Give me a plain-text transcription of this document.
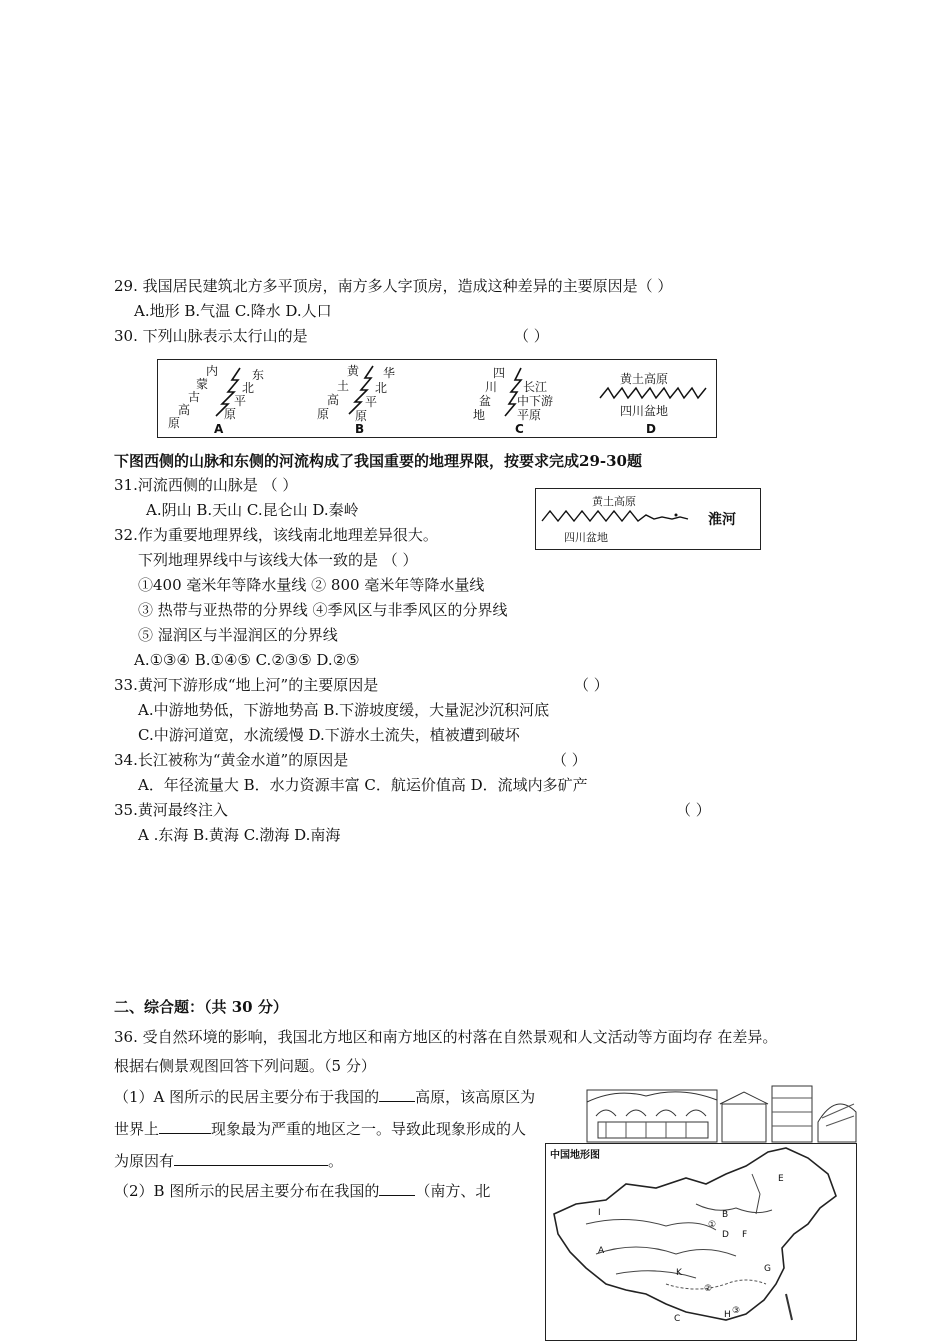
29. 我国居民建筑北方多平顶房，南方多人字顶房，造成这种差异的主要原因是（ ）
A.地形 B.气温 C.降水 D.人口
30. 下列山脉表示太行山的是	（ ）
内
蒙
古
高
原
东
北
平
原
A
黄
土
高
原
华
北
平
原
B
四
川
盆
地
长江
中下游
平原
C
黄土高原
四川盆地
D
下图西侧的山脉和东侧的河流构成了我国重要的地理界限，按要求完成29-30题
31.河流西侧的山脉是 （ ）
A.阴山 B.天山 C.昆仑山 D.秦岭	黄土高原
淮河
四川盆地
32.作为重要地理界线，该线南北地理差异很大。
下列地理界线中与该线大体一致的是 （ ）
①400 毫米年等降水量线 ② 800 毫米年等降水量线
③ 热带与亚热带的分界线 ④季风区与非季风区的分界线
⑤ 湿润区与半湿润区的分界线
A.①③④ B.①④⑤ C.②③⑤ D.②⑤
33.黄河下游形成“地上河”的主要原因是	（ ）
A.中游地势低，下游地势高 B.下游坡度缓，大量泥沙沉积河底
C.中游河道宽，水流缓慢 D.下游水土流失，植被遭到破坏
34.长江被称为“黄金水道”的原因是	（ ）
A．年径流量大 B．水力资源丰富 C．航运价值高 D．流域内多矿产
35.黄河最终注入	（ ）
A .东海 B.黄海 C.渤海 D.南海
二、综合题：（共 30 分）
36. 受自然环境的影响，我国北方地区和南方地区的村落在自然景观和人文活动等方面均存 在差异。
根据右侧景观图回答下列问题。（5 分）
（1）A 图所示的民居主要分布于我国的 高原，该高原区为
世界上	现象最为严重的地区之一。导致此现象形成的人
为原因有	。
（2）B 图所示的民居主要分布在我国的 （南方、北
中国地形图
A
B
C
D
E
F
G
H
I
K
①
②
③
